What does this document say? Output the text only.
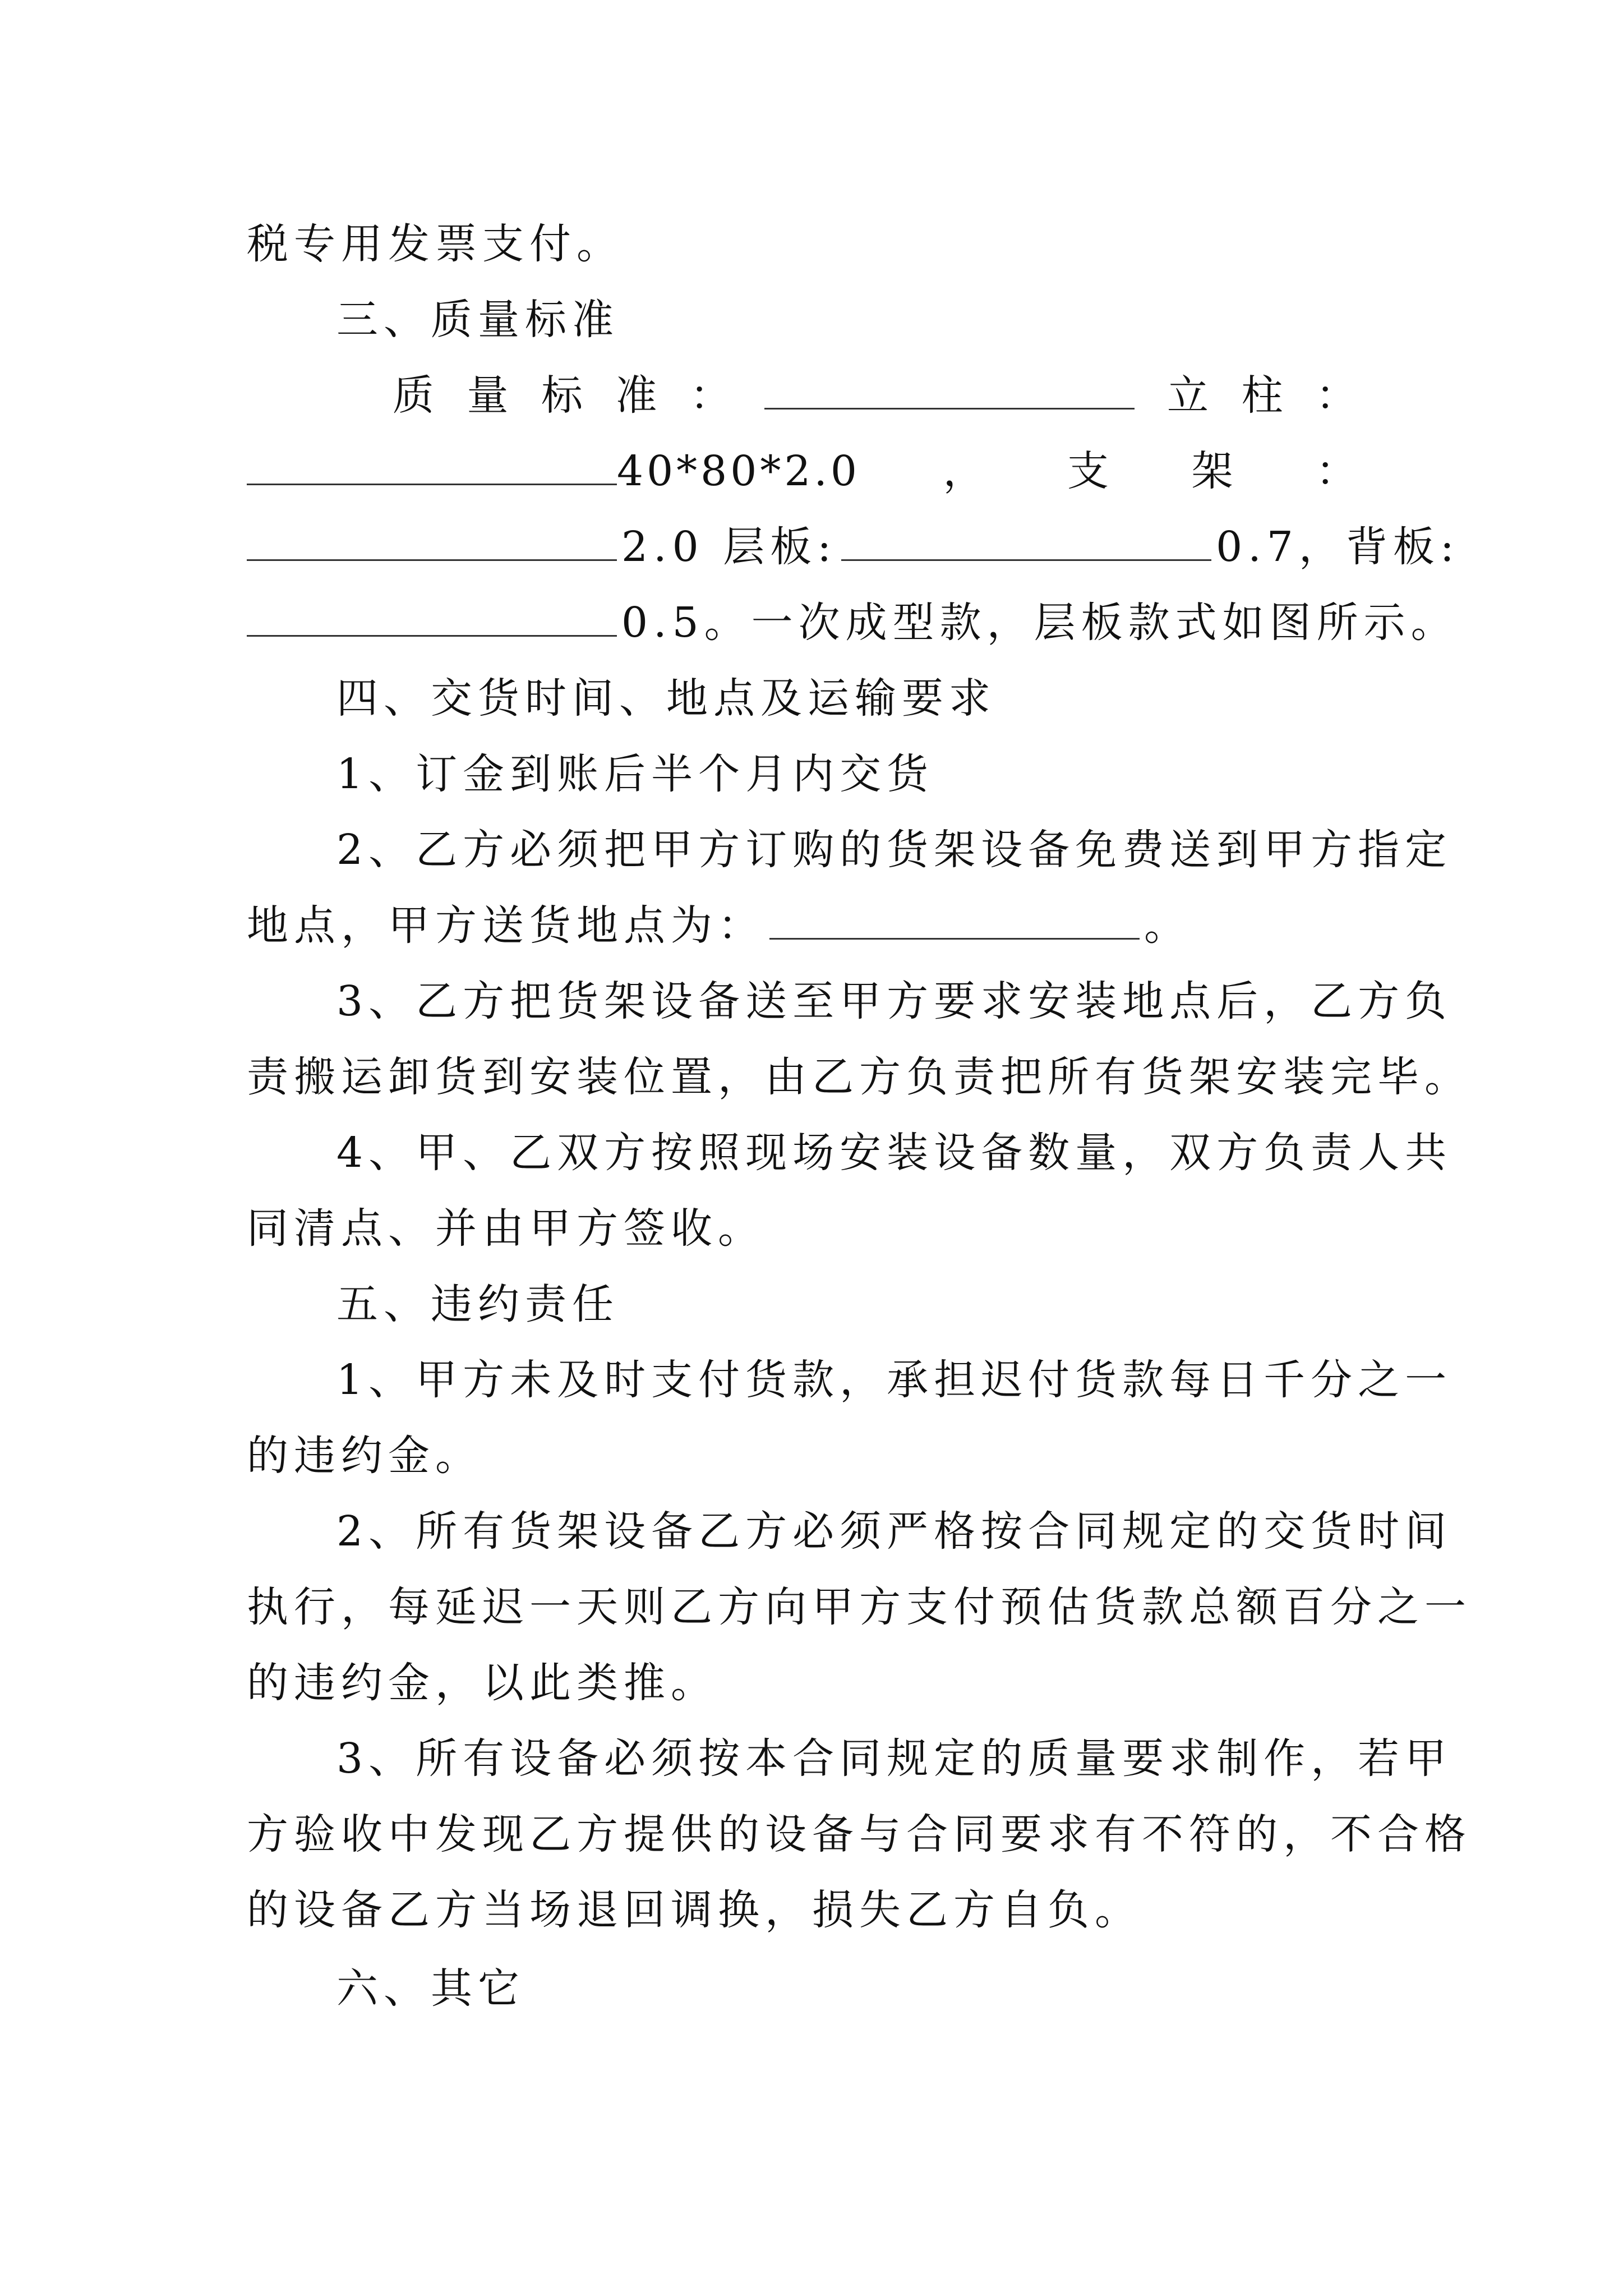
税专用发票支付。
三、质量标准
质 量 标 准 ：	立 柱 ：
40*80*2.0 ， 支 架 ：
2.0 层板:	0.7，背板:
0.5。一次成型款，层板款式如图所示。
四、交货时间、地点及运输要求
1、订金到账后半个月内交货
2、乙方必须把甲方订购的货架设备免费送到甲方指定
地点，甲方送货地点为：	。
3、乙方把货架设备送至甲方要求安装地点后，乙方负
责搬运卸货到安装位置，由乙方负责把所有货架安装完毕。
4、甲、乙双方按照现场安装设备数量，双方负责人共
同清点、并由甲方签收。
五、违约责任
1、甲方未及时支付货款，承担迟付货款每日千分之一
的违约金。
2、所有货架设备乙方必须严格按合同规定的交货时间
执行，每延迟一天则乙方向甲方支付预估货款总额百分之一
的违约金，以此类推。
3、所有设备必须按本合同规定的质量要求制作，若甲
方验收中发现乙方提供的设备与合同要求有不符的，不合格
的设备乙方当场退回调换，损失乙方自负。
六、其它
